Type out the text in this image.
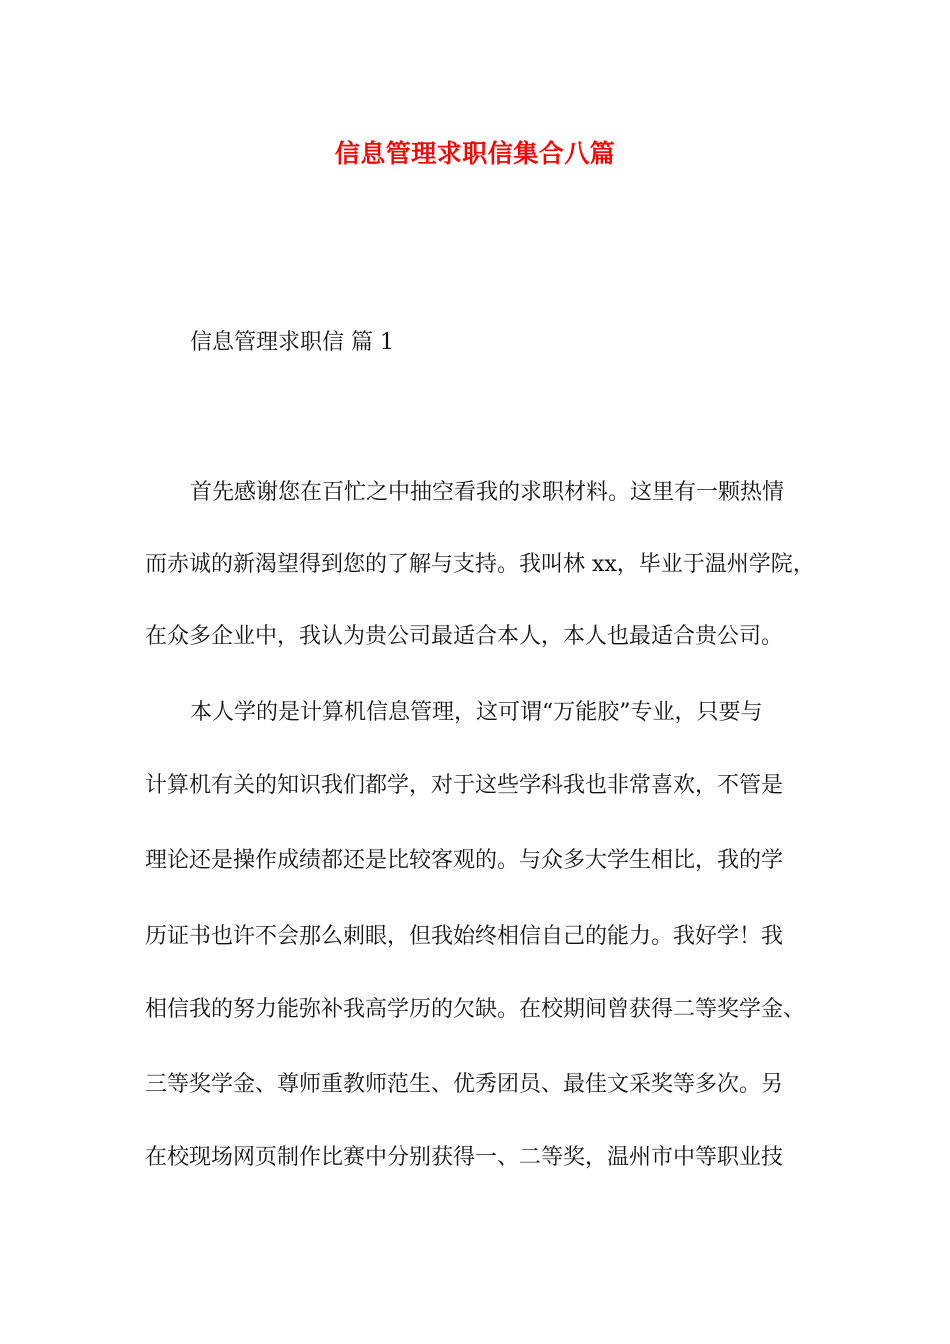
信息管理求职信集合八篇
信息管理求职信 篇 1

首先感谢您在百忙之中抽空看我的求职材料。这里有一颗热情

而赤诚的新渴望得到您的了解与支持。我叫林 xx，毕业于温州学院，

在众多企业中，我认为贵公司最适合本人，本人也最适合贵公司。

本人学的是计算机信息管理，这可谓“万能胶”专业，只要与

计算机有关的知识我们都学，对于这些学科我也非常喜欢，不管是

理论还是操作成绩都还是比较客观的。与众多大学生相比，我的学

历证书也许不会那么刺眼，但我始终相信自己的能力。我好学！我

相信我的努力能弥补我高学历的欠缺。在校期间曾获得二等奖学金、

三等奖学金、尊师重教师范生、优秀团员、最佳文采奖等多次。另

在校现场网页制作比赛中分别获得一、二等奖，温州市中等职业技
